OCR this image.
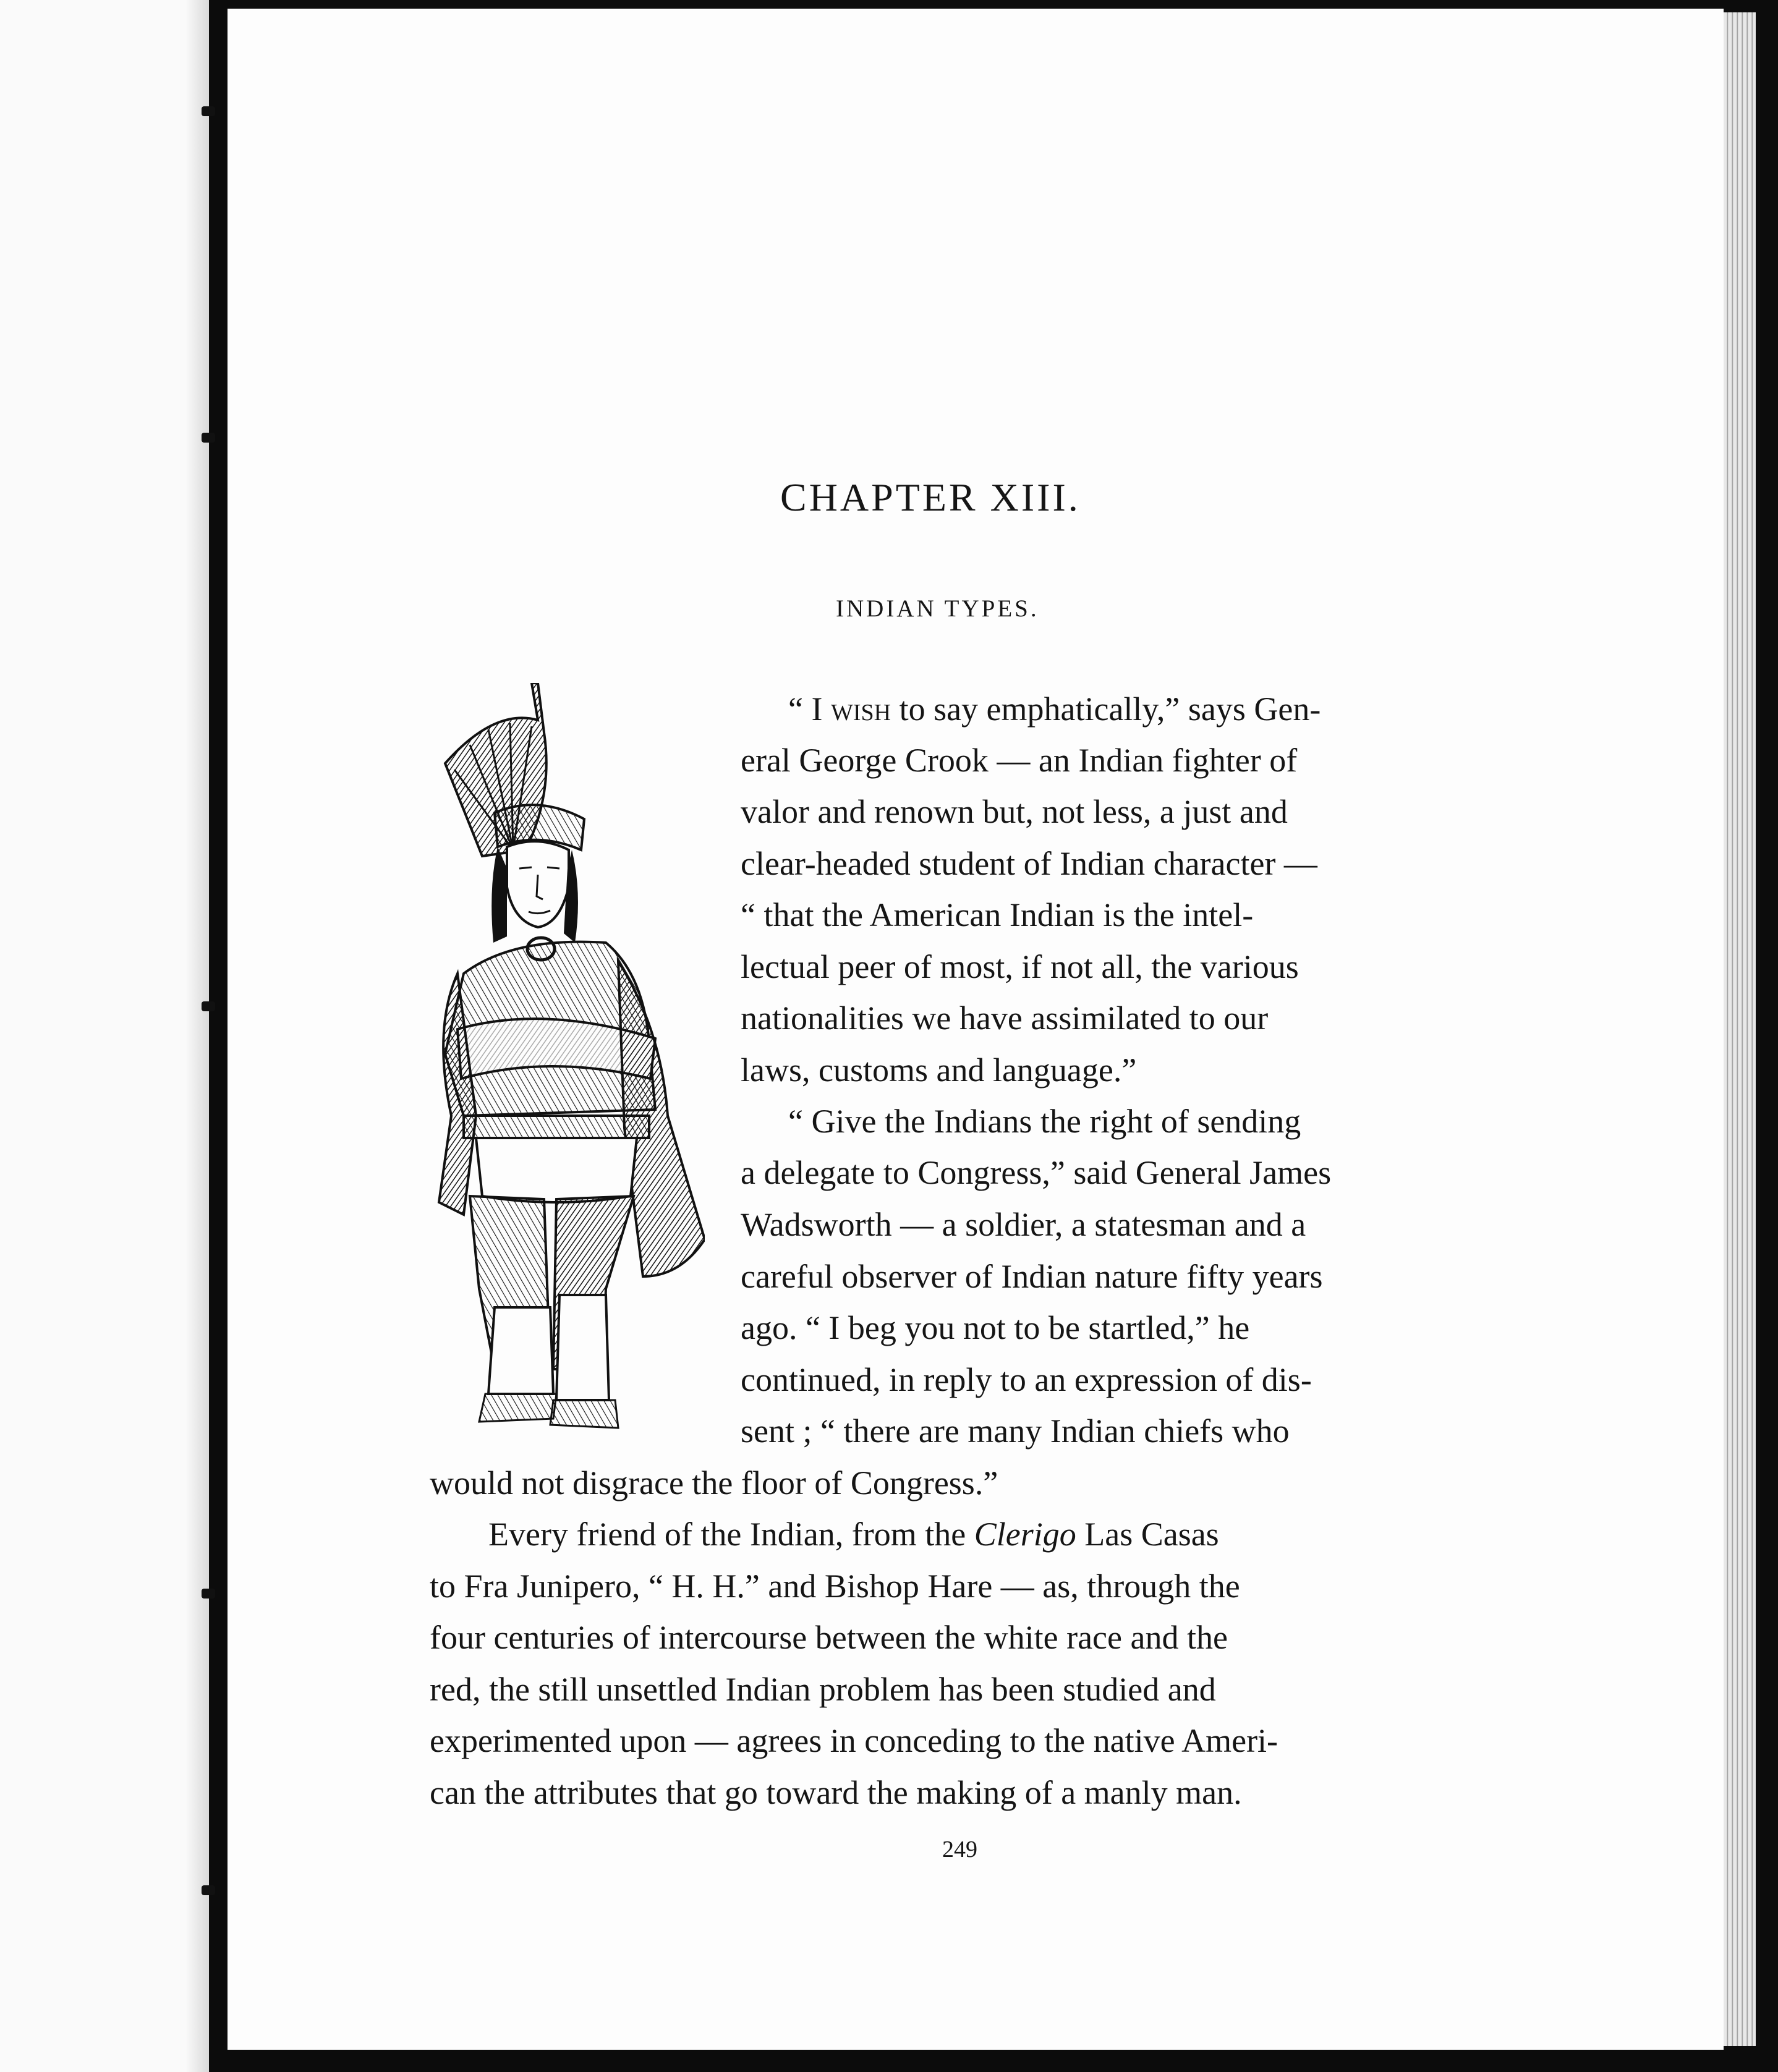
CHAPTER XIII.
INDIAN TYPES.
“ I wish to say emphatically,” says Gen-
eral George Crook — an Indian fighter of
valor and renown but, not less, a just and
clear-headed student of Indian character —
“ that the American Indian is the intel-
lectual peer of most, if not all, the various
nationalities we have assimilated to our
laws, customs and language.”
“ Give the Indians the right of sending
a delegate to Congress,” said General James
Wadsworth — a soldier, a statesman and a
careful observer of Indian nature fifty years
ago. “ I beg you not to be startled,” he
continued, in reply to an expression of dis-
sent ; “ there are many Indian chiefs who
would not disgrace the floor of Congress.”
Every friend of the Indian, from the Clerigo Las Casas
to Fra Junipero, “ H. H.” and Bishop Hare — as, through the
four centuries of intercourse between the white race and the
red, the still unsettled Indian problem has been studied and
experimented upon — agrees in conceding to the native Ameri-
can the attributes that go toward the making of a manly man.
249
